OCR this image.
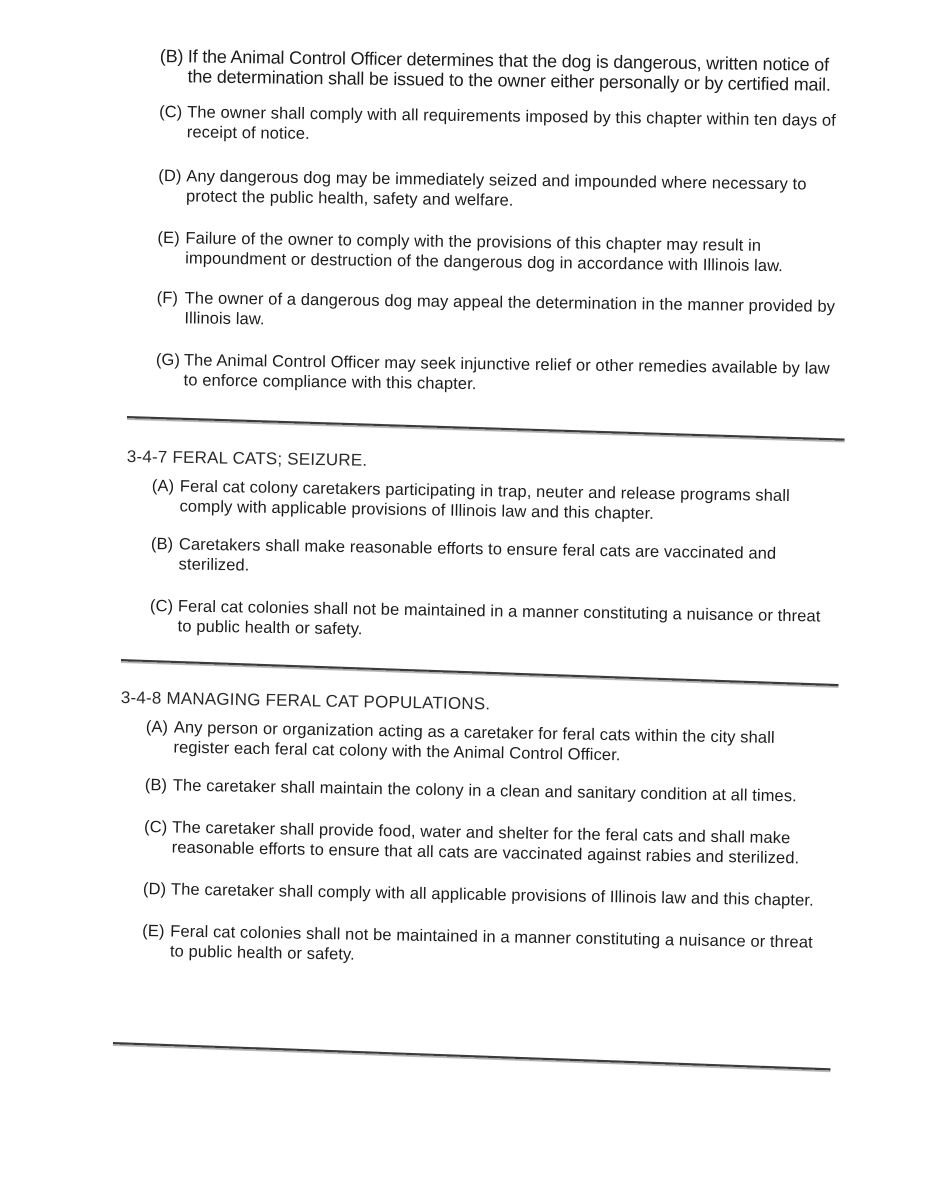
(B) If the Animal Control Officer determines that the dog is dangerous, written notice of the determination shall be issued to the owner either personally or by certified mail.
(C) The owner shall comply with all requirements imposed by this chapter within ten days of receipt of notice.
(D) Any dangerous dog may be immediately seized and impounded where necessary to protect the public health, safety and welfare.
(E) Failure of the owner to comply with the provisions of this chapter may result in impoundment or destruction of the dangerous dog in accordance with Illinois law.
(F) The owner of a dangerous dog may appeal the determination in the manner provided by Illinois law.
(G) The Animal Control Officer may seek injunctive relief or other remedies available by law to enforce compliance with this chapter.
3-4-7 FERAL CATS; SEIZURE.
(A) Feral cat colony caretakers participating in trap, neuter and release programs shall comply with applicable provisions of Illinois law and this chapter.
(B) Caretakers shall make reasonable efforts to ensure feral cats are vaccinated and sterilized.
(C) Feral cat colonies shall not be maintained in a manner constituting a nuisance or threat to public health or safety.
3-4-8 MANAGING FERAL CAT POPULATIONS.
(A) Any person or organization acting as a caretaker for feral cats within the city shall register each feral cat colony with the Animal Control Officer.
(B) The caretaker shall maintain the colony in a clean and sanitary condition at all times.
(C) The caretaker shall provide food, water and shelter for the feral cats and shall make reasonable efforts to ensure that all cats are vaccinated against rabies and sterilized.
(D) The caretaker shall comply with all applicable provisions of Illinois law and this chapter.
(E) Feral cat colonies shall not be maintained in a manner constituting a nuisance or threat to public health or safety.
